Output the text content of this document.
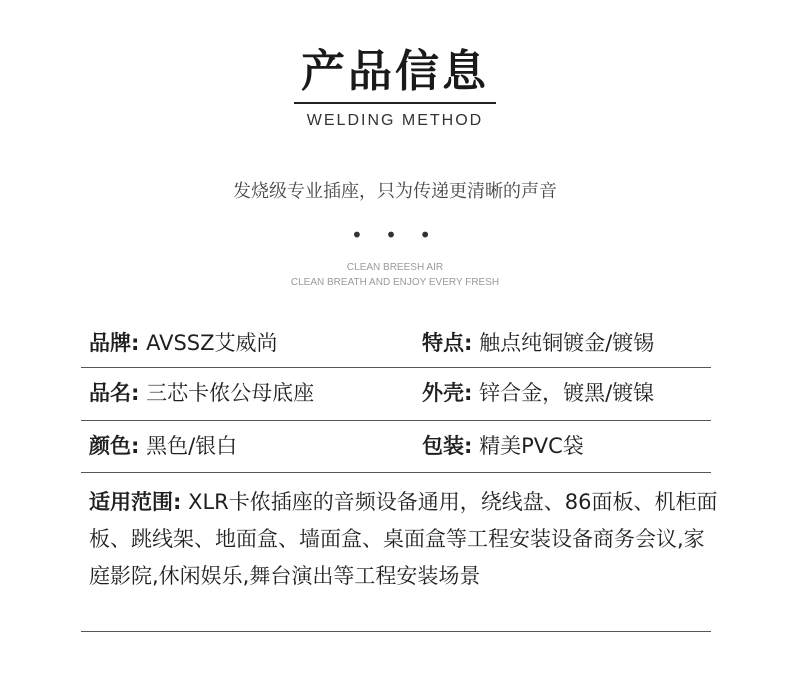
产品信息
WELDING METHOD
发烧级专业插座，只为传递更清晰的声音
• • •
CLEAN BREESH AIR
CLEAN BREATH AND ENJOY EVERY FRESH
品牌: AVSSZ艾威尚	特点: 触点纯铜镀金/镀锡
品名: 三芯卡侬公母底座	外壳: 锌合金，镀黑/镀镍
颜色: 黑色/银白	包装: 精美PVC袋
适用范围: XLR卡侬插座的音频设备通用，绕线盘、86面板、机柜面板、跳线架、地面盒、墙面盒、桌面盒等工程安装设备商务会议,家庭影院,休闲娱乐,舞台演出等工程安装场景
